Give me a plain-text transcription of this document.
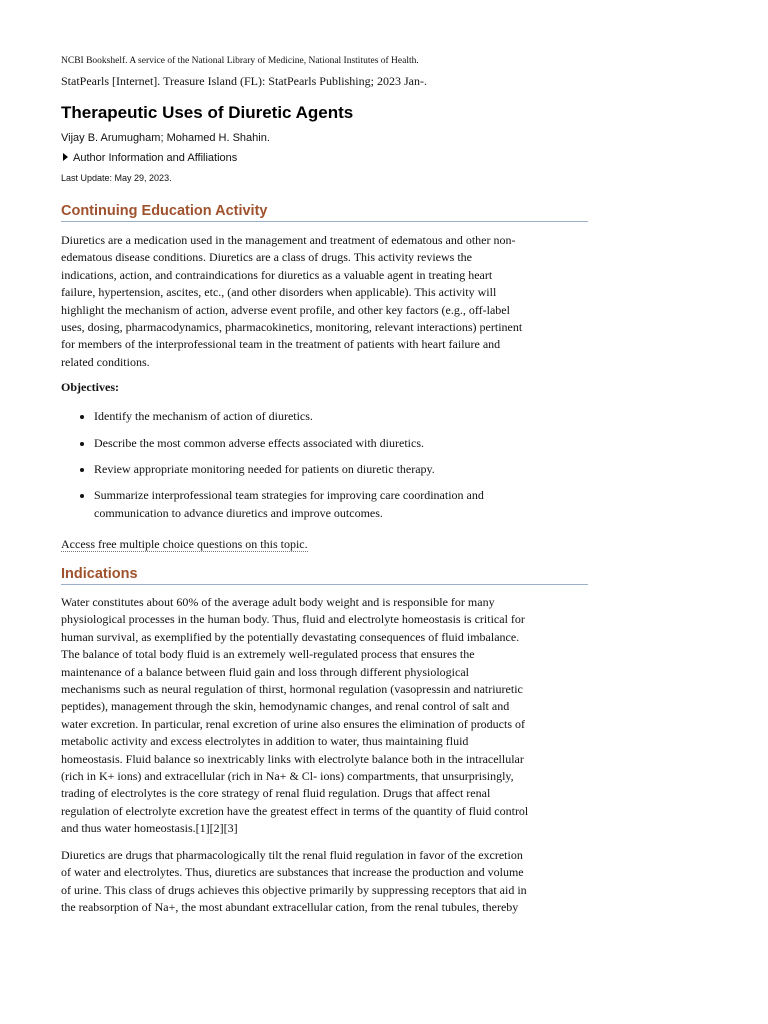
NCBI Bookshelf. A service of the National Library of Medicine, National Institutes of Health.
StatPearls [Internet]. Treasure Island (FL): StatPearls Publishing; 2023 Jan-.
Therapeutic Uses of Diuretic Agents
Vijay B. Arumugham; Mohamed H. Shahin.
Author Information and Affiliations
Last Update: May 29, 2023.
Continuing Education Activity

Diuretics are a medication used in the management and treatment of edematous and other non-
edematous disease conditions. Diuretics are a class of drugs. This activity reviews the
indications, action, and contraindications for diuretics as a valuable agent in treating heart
failure, hypertension, ascites, etc., (and other disorders when applicable). This activity will
highlight the mechanism of action, adverse event profile, and other key factors (e.g., off-label
uses, dosing, pharmacodynamics, pharmacokinetics, monitoring, relevant interactions) pertinent
for members of the interprofessional team in the treatment of patients with heart failure and
related conditions.

Objectives:

• Identify the mechanism of action of diuretics.
• Describe the most common adverse effects associated with diuretics.
• Review appropriate monitoring needed for patients on diuretic therapy.
• Summarize interprofessional team strategies for improving care coordination and
communication to advance diuretics and improve outcomes.
Access free multiple choice questions on this topic.
Indications

Water constitutes about 60% of the average adult body weight and is responsible for many
physiological processes in the human body. Thus, fluid and electrolyte homeostasis is critical for
human survival, as exemplified by the potentially devastating consequences of fluid imbalance.
The balance of total body fluid is an extremely well-regulated process that ensures the
maintenance of a balance between fluid gain and loss through different physiological
mechanisms such as neural regulation of thirst, hormonal regulation (vasopressin and natriuretic
peptides), management through the skin, hemodynamic changes, and renal control of salt and
water excretion. In particular, renal excretion of urine also ensures the elimination of products of
metabolic activity and excess electrolytes in addition to water, thus maintaining fluid
homeostasis. Fluid balance so inextricably links with electrolyte balance both in the intracellular
(rich in K+ ions) and extracellular (rich in Na+ & Cl- ions) compartments, that unsurprisingly,
trading of electrolytes is the core strategy of renal fluid regulation. Drugs that affect renal
regulation of electrolyte excretion have the greatest effect in terms of the quantity of fluid control
and thus water homeostasis.[1][2][3]

Diuretics are drugs that pharmacologically tilt the renal fluid regulation in favor of the excretion
of water and electrolytes. Thus, diuretics are substances that increase the production and volume
of urine. This class of drugs achieves this objective primarily by suppressing receptors that aid in
the reabsorption of Na+, the most abundant extracellular cation, from the renal tubules, thereby
